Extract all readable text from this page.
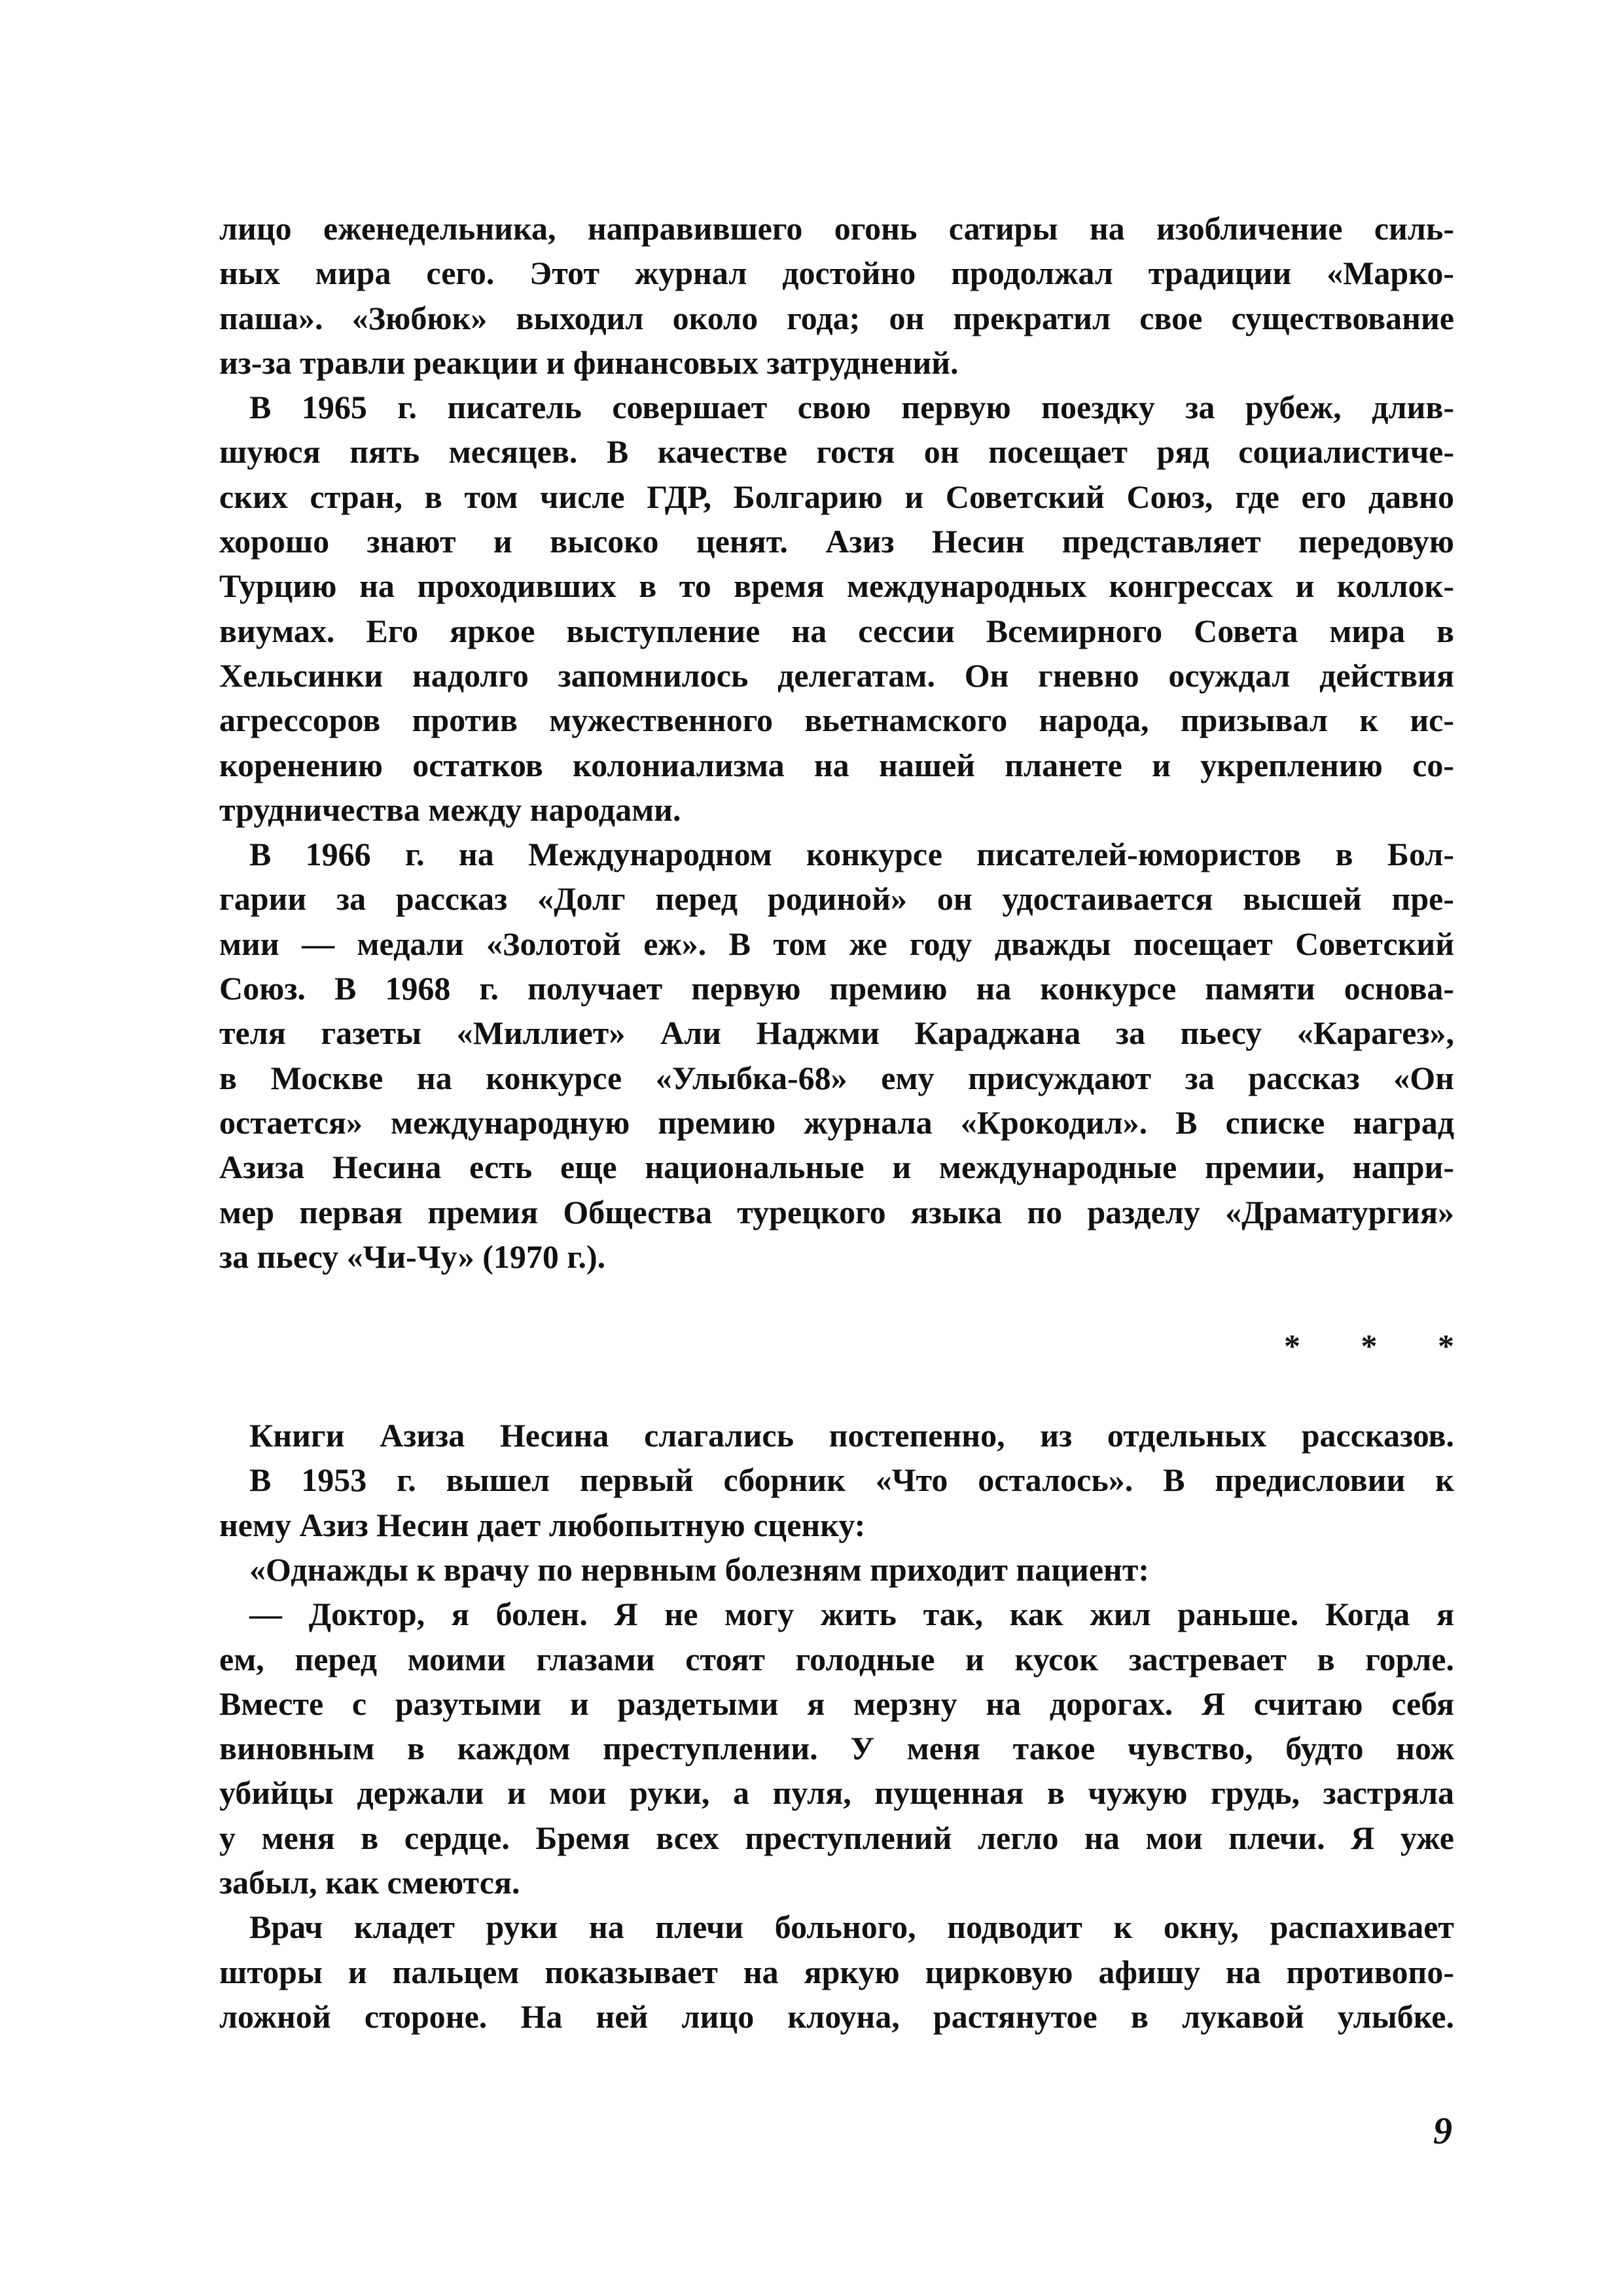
лицо еженедельника, направившего огонь сатиры на изобличение силь-
ных мира сего. Этот журнал достойно продолжал традиции «Марко-
паша». «Зюбюк» выходил около года; он прекратил свое существование
из-за травли реакции и финансовых затруднений.
В 1965 г. писатель совершает свою первую поездку за рубеж, длив-
шуюся пять месяцев. В качестве гостя он посещает ряд социалистиче-
ских стран, в том числе ГДР, Болгарию и Советский Союз, где его давно
хорошо знают и высоко ценят. Азиз Несин представляет передовую
Турцию на проходивших в то время международных конгрессах и коллок-
виумах. Его яркое выступление на сессии Всемирного Совета мира в
Хельсинки надолго запомнилось делегатам. Он гневно осуждал действия
агрессоров против мужественного вьетнамского народа, призывал к ис-
коренению остатков колониализма на нашей планете и укреплению со-
трудничества между народами.
В 1966 г. на Международном конкурсе писателей-юмористов в Бол-
гарии за рассказ «Долг перед родиной» он удостаивается высшей пре-
мии — медали «Золотой еж». В том же году дважды посещает Советский
Союз. В 1968 г. получает первую премию на конкурсе памяти основа-
теля газеты «Миллиет» Али Наджми Караджана за пьесу «Карагез»,
в Москве на конкурсе «Улыбка-68» ему присуждают за рассказ «Он
остается» международную премию журнала «Крокодил». В списке наград
Азиза Несина есть еще национальные и международные премии, напри-
мер первая премия Общества турецкого языка по разделу «Драматургия»
за пьесу «Чи-Чу» (1970 г.).
* * *
Книги Азиза Несина слагались постепенно, из отдельных рассказов.
В 1953 г. вышел первый сборник «Что осталось». В предисловии к
нему Азиз Несин дает любопытную сценку:
«Однажды к врачу по нервным болезням приходит пациент:
— Доктор, я болен. Я не могу жить так, как жил раньше. Когда я
ем, перед моими глазами стоят голодные и кусок застревает в горле.
Вместе с разутыми и раздетыми я мерзну на дорогах. Я считаю себя
виновным в каждом преступлении. У меня такое чувство, будто нож
убийцы держали и мои руки, а пуля, пущенная в чужую грудь, застряла
у меня в сердце. Бремя всех преступлений легло на мои плечи. Я уже
забыл, как смеются.
Врач кладет руки на плечи больного, подводит к окну, распахивает
шторы и пальцем показывает на яркую цирковую афишу на противопо-
ложной стороне. На ней лицо клоуна, растянутое в лукавой улыбке.
9
